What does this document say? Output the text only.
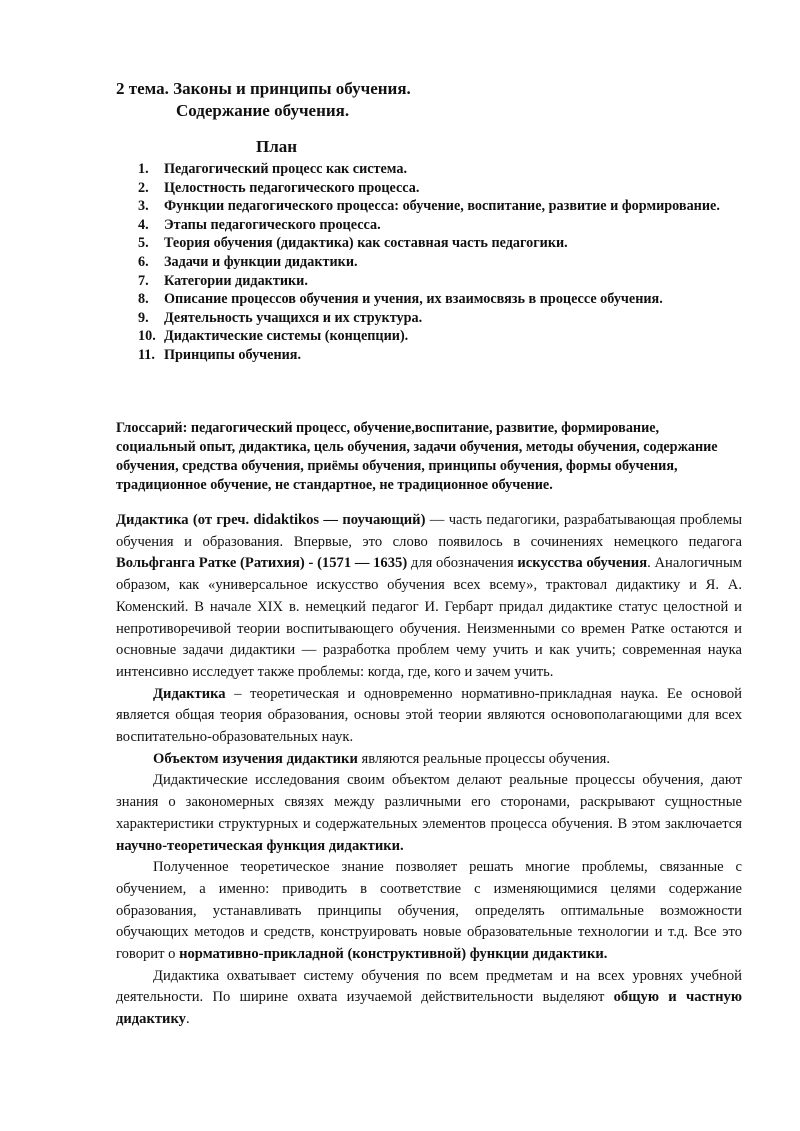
2 тема. Законы и принципы обучения.
Содержание обучения.
План
1.	Педагогический процесс как система.
2.	Целостность педагогического процесса.
3.	Функции педагогического процесса: обучение, воспитание, развитие и формирование.
4.	Этапы педагогического процесса.
5.	Теория обучения (дидактика) как составная часть педагогики.
6.	Задачи и функции дидактики.
7.	Категории дидактики.
8.	Описание процессов обучения и учения, их взаимосвязь в процессе обучения.
9.	Деятельность учащихся и их структура.
10. Дидактические системы (концепции).
11. Принципы обучения.
Глоссарий: педагогический процесс, обучение,воспитание, развитие, формирование, социальный опыт, дидактика, цель обучения, задачи обучения, методы обучения, содержание обучения, средства обучения, приёмы обучения, принципы обучения, формы обучения, традиционное обучение, не стандартное, не традиционное обучение.

Дидактика (от греч. didaktikos — поучающий) — часть педагогики, разрабатывающая проблемы обучения и образования. Впервые, это слово появилось в сочинениях немецкого педагога Вольфганга Ратке (Ратихия) - (1571 — 1635) для обозначения искусства обучения. Аналогичным образом, как «универсальное искусство обучения всех всему», трактовал дидактику и Я. А. Коменский. В начале XIX в. немецкий педагог И. Гербарт придал дидактике статус целостной и непротиворечивой теории воспитывающего обучения. Неизменными со времен Ратке остаются и основные задачи дидактики — разработка проблем чему учить и как учить; современная наука интенсивно исследует также проблемы: когда, где, кого и зачем учить.

Дидактика – теоретическая и одновременно нормативно-прикладная наука. Ее основой является общая теория образования, основы этой теории являются основополагающими для всех воспитательно-образовательных наук.

Объектом изучения дидактики являются реальные процессы обучения.

Дидактические исследования своим объектом делают реальные процессы обучения, дают знания о закономерных связях между различными его сторонами, раскрывают сущностные характеристики структурных и содержательных элементов процесса обучения. В этом заключается научно-теоретическая функция дидактики.

Полученное теоретическое знание позволяет решать многие проблемы, связанные с обучением, а именно: приводить в соответствие с изменяющимися целями содержание образования, устанавливать принципы обучения, определять оптимальные возможности обучающих методов и средств, конструировать новые образовательные технологии и т.д. Все это говорит о нормативно-прикладной (конструктивной) функции дидактики.

Дидактика охватывает систему обучения по всем предметам и на всех уровнях учебной деятельности. По ширине охвата изучаемой действительности выделяют общую и частную дидактику.
